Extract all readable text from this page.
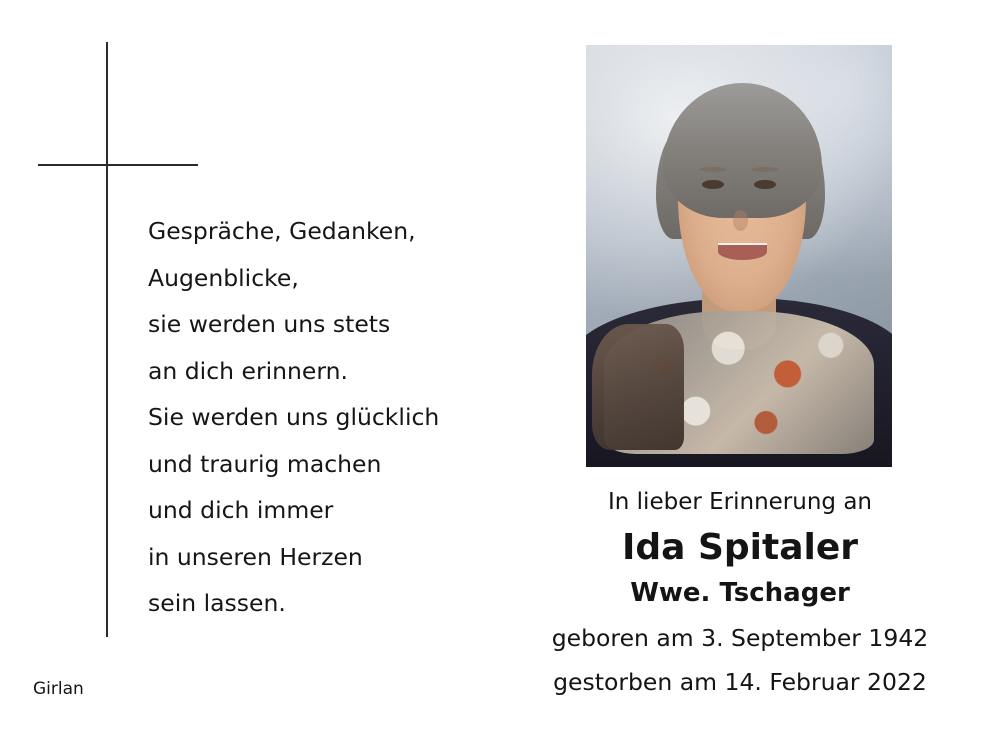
Gespräche, Gedanken,
Augenblicke,
sie werden uns stets
an dich erinnern.
Sie werden uns glücklich
und traurig machen
und dich immer
in unseren Herzen
sein lassen.
Girlan
In lieber Erinnerung an
Ida Spitaler
Wwe. Tschager
geboren am 3. September 1942
gestorben am 14. Februar 2022
